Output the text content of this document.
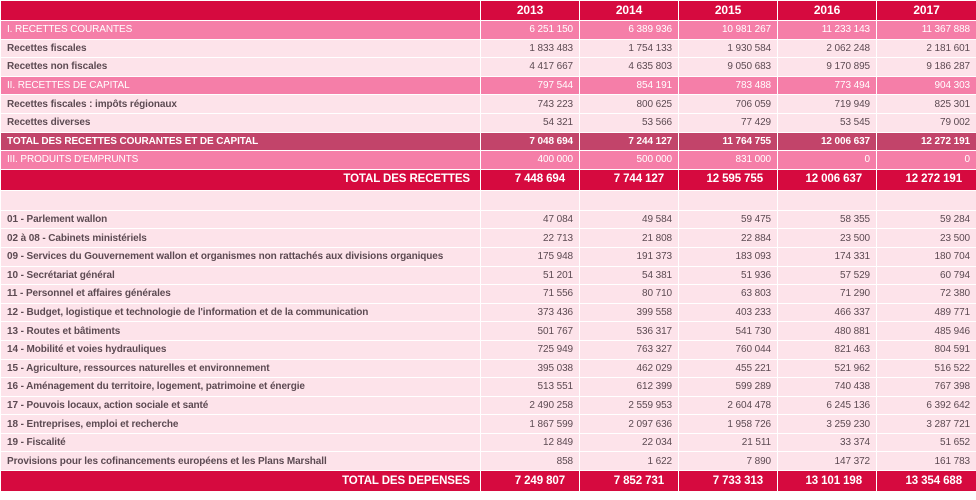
	2013	2014	2015	2016	2017
I. RECETTES COURANTES	6 251 150	6 389 936	10 981 267	11 233 143	11 367 888
Recettes fiscales	1 833 483	1 754 133	1 930 584	2 062 248	2 181 601
Recettes non fiscales	4 417 667	4 635 803	9 050 683	9 170 895	9 186 287
II. RECETTES DE CAPITAL	797 544	854 191	783 488	773 494	904 303
Recettes fiscales : impôts régionaux	743 223	800 625	706 059	719 949	825 301
Recettes diverses	54 321	53 566	77 429	53 545	79 002
TOTAL DES RECETTES COURANTES ET DE CAPITAL	7 048 694	7 244 127	11 764 755	12 006 637	12 272 191
III. PRODUITS D'EMPRUNTS	400 000	500 000	831 000	0	0
TOTAL DES RECETTES	7 448 694	7 744 127	12 595 755	12 006 637	12 272 191

01 - Parlement wallon	47 084	49 584	59 475	58 355	59 284
02 à 08 - Cabinets ministériels	22 713	21 808	22 884	23 500	23 500
09 - Services du Gouvernement wallon et organismes non rattachés aux divisions organiques	175 948	191 373	183 093	174 331	180 704
10 - Secrétariat général	51 201	54 381	51 936	57 529	60 794
11 - Personnel et affaires générales	71 556	80 710	63 803	71 290	72 380
12 - Budget, logistique et technologie de l'information et de la communication	373 436	399 558	403 233	466 337	489 771
13 - Routes et bâtiments	501 767	536 317	541 730	480 881	485 946
14 - Mobilité et voies hydrauliques	725 949	763 327	760 044	821 463	804 591
15 - Agriculture, ressources naturelles et environnement	395 038	462 029	455 221	521 962	516 522
16 - Aménagement du territoire, logement, patrimoine et énergie	513 551	612 399	599 289	740 438	767 398
17 - Pouvois locaux, action sociale et santé	2 490 258	2 559 953	2 604 478	6 245 136	6 392 642
18 - Entreprises, emploi et recherche	1 867 599	2 097 636	1 958 726	3 259 230	3 287 721
19 - Fiscalité	12 849	22 034	21 511	33 374	51 652
Provisions pour les cofinancements européens et les Plans Marshall	858	1 622	7 890	147 372	161 783
TOTAL DES DEPENSES	7 249 807	7 852 731	7 733 313	13 101 198	13 354 688
